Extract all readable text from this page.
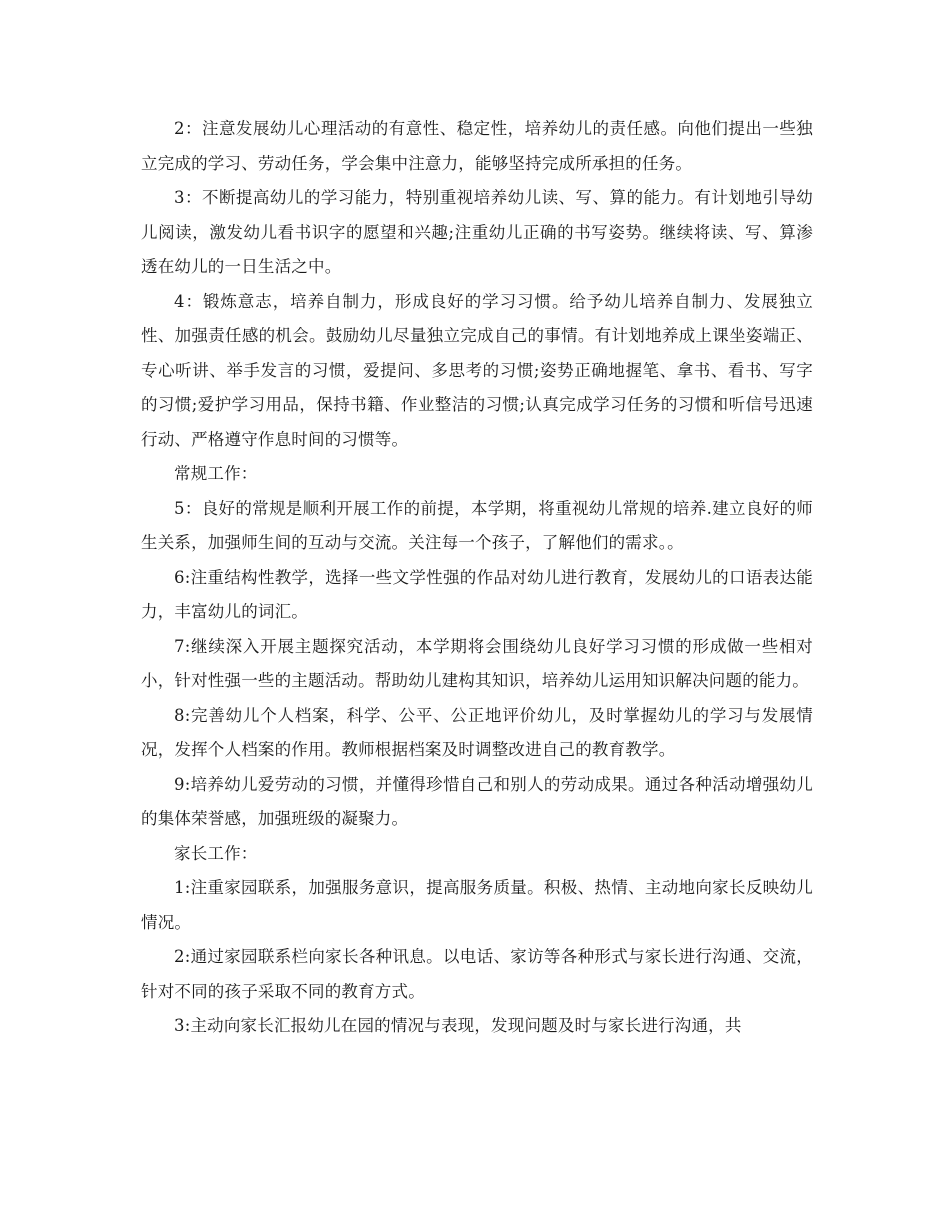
2：注意发展幼儿心理活动的有意性、稳定性，培养幼儿的责任感。向他们提出一些独立完成的学习、劳动任务，学会集中注意力，能够坚持完成所承担的任务。

3：不断提高幼儿的学习能力，特别重视培养幼儿读、写、算的能力。有计划地引导幼儿阅读，激发幼儿看书识字的愿望和兴趣;注重幼儿正确的书写姿势。继续将读、写、算渗透在幼儿的一日生活之中。

4：锻炼意志，培养自制力，形成良好的学习习惯。给予幼儿培养自制力、发展独立性、加强责任感的机会。鼓励幼儿尽量独立完成自己的事情。有计划地养成上课坐姿端正、专心听讲、举手发言的习惯，爱提问、多思考的习惯;姿势正确地握笔、拿书、看书、写字的习惯;爱护学习用品，保持书籍、作业整洁的习惯;认真完成学习任务的习惯和听信号迅速行动、严格遵守作息时间的习惯等。

常规工作：

5：良好的常规是顺利开展工作的前提，本学期，将重视幼儿常规的培养.建立良好的师生关系，加强师生间的互动与交流。关注每一个孩子，了解他们的需求。。

6:注重结构性教学，选择一些文学性强的作品对幼儿进行教育，发展幼儿的口语表达能力，丰富幼儿的词汇。

7:继续深入开展主题探究活动，本学期将会围绕幼儿良好学习习惯的形成做一些相对小，针对性强一些的主题活动。帮助幼儿建构其知识，培养幼儿运用知识解决问题的能力。

8:完善幼儿个人档案，科学、公平、公正地评价幼儿，及时掌握幼儿的学习与发展情况，发挥个人档案的作用。教师根据档案及时调整改进自己的教育教学。

9:培养幼儿爱劳动的习惯，并懂得珍惜自己和别人的劳动成果。通过各种活动增强幼儿的集体荣誉感，加强班级的凝聚力。

家长工作：

1:注重家园联系，加强服务意识，提高服务质量。积极、热情、主动地向家长反映幼儿情况。

2:通过家园联系栏向家长各种讯息。以电话、家访等各种形式与家长进行沟通、交流，针对不同的孩子采取不同的教育方式。

3:主动向家长汇报幼儿在园的情况与表现，发现问题及时与家长进行沟通，共
